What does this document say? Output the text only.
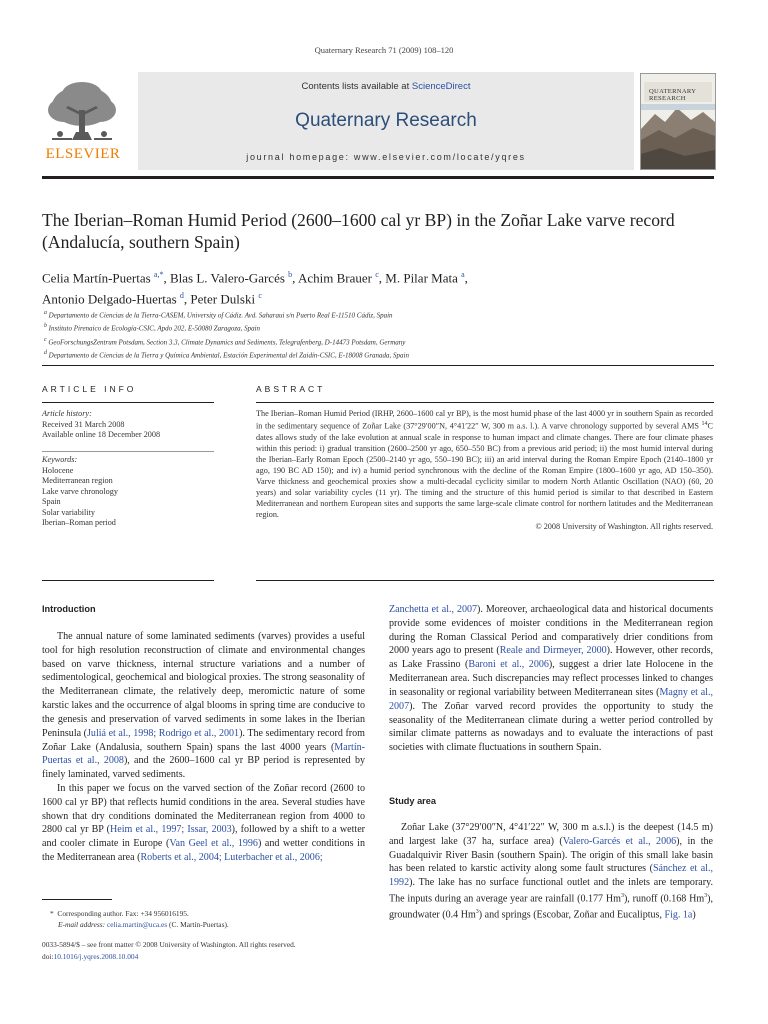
Quaternary Research 71 (2009) 108–120
ELSEVIER
Contents lists available at ScienceDirect
Quaternary Research
journal homepage: www.elsevier.com/locate/yqres
QUATERNARY
RESEARCH
The Iberian–Roman Humid Period (2600–1600 cal yr BP) in the Zoñar Lake varve record (Andalucía, southern Spain)
Celia Martín-Puertas $^{a,*}$, Blas L. Valero-Garcés $^b$, Achim Brauer $^c$, M. Pilar Mata $^a$,
Antonio Delgado-Huertas $^d$, Peter Dulski $^c$
$^a$ Departamento de Ciencias de la Tierra-CASEM, University of Cádiz. Avd. Saharaui s/n Puerto Real E-11510 Cádiz, Spain
$^b$ Instituto Pirenaico de Ecología-CSIC, Apdo 202, E-50080 Zaragoza, Spain
$^c$ GeoForschungsZentrum Potsdam, Section 3.3, Climate Dynamics and Sediments, Telegrafenberg, D-14473 Potsdam, Germany
$^d$ Departamento de Ciencias de la Tierra y Química Ambiental, Estación Experimental del Zaidín-CSIC, E-18008 Granada, Spain
ARTICLE INFO	ABSTRACT
Article history:
Received 31 March 2008
Available online 18 December 2008
Keywords:
Holocene
Mediterranean region
Lake varve chronology
Spain
Solar variability
Iberian–Roman period
The Iberian–Roman Humid Period (IRHP, 2600–1600 cal yr BP), is the most humid phase of the last 4000 yr in southern Spain as recorded in the sedimentary sequence of Zoñar Lake (37°29′00″N, 4°41′22″ W, 300 m a.s. l.). A varve chronology supported by several AMS $^{14}$C dates allows study of the lake evolution at annual scale in response to human impact and climate changes. There are four climate phases within this period: i) gradual transition (2600–2500 yr ago, 650–550 BC) from a previous arid period; ii) the most humid interval during the Iberian–Early Roman Epoch (2500–2140 yr ago, 550–190 BC); iii) an arid interval during the Roman Empire Epoch (2140–1800 yr ago, 190 BC AD 150); and iv) a humid period synchronous with the decline of the Roman Empire (1800–1600 yr ago, AD 150–350). Varve thickness and geochemical proxies show a multi-decadal cyclicity similar to modern North Atlantic Oscillation (NAO) (60, 20 years) and solar variability cycles (11 yr). The timing and the structure of this humid period is similar to that described in Eastern Mediterranean and northern European sites and supports the same large-scale climate control for northern latitudes and the Mediterranean region.
© 2008 University of Washington. All rights reserved.
Introduction

The annual nature of some laminated sediments (varves) provides a useful tool for high resolution reconstruction of climate and environmental changes based on varve thickness, internal structure variations and a number of sedimentological, geochemical and biological proxies. The strong seasonality of the Mediterranean climate, the relatively deep, meromictic nature of some karstic lakes and the occurrence of algal blooms in spring time are conducive to the genesis and preservation of varved sediments in some lakes in the Iberian Peninsula (Juliá et al., 1998; Rodrigo et al., 2001). The sedimentary record from Zoñar Lake (Andalusia, southern Spain) spans the last 4000 years (Martín-Puertas et al., 2008), and the 2600–1600 cal yr BP period is represented by finely laminated, varved sediments.

In this paper we focus on the varved section of the Zoñar record (2600 to 1600 cal yr BP) that reflects humid conditions in the area. Several studies have shown that dry conditions dominated the Mediterranean region from 4000 to 2800 cal yr BP (Heim et al., 1997; Issar, 2003), followed by a shift to a wetter and cooler climate in Europe (Van Geel et al., 1996) and wetter conditions in the Mediterranean area (Roberts et al., 2004; Luterbacher et al., 2006;

Zanchetta et al., 2007). Moreover, archaeological data and historical documents provide some evidences of moister conditions in the Mediterranean region during the Roman Classical Period and comparatively drier conditions from 2000 years ago to present (Reale and Dirmeyer, 2000). However, other records, as Lake Frassino (Baroni et al., 2006), suggest a drier late Holocene in the Mediterranean area. Such discrepancies may reflect processes linked to changes in seasonality or regional variability between Mediterranean sites (Magny et al., 2007). The Zoñar varved record provides the opportunity to study the seasonality of the Mediterranean climate during a wetter period controlled by similar climate patterns as nowadays and to evaluate the interactions of past societies with climate fluctuations in southern Spain.

Study area

Zoñar Lake (37°29′00″N, 4°41′22″ W, 300 m a.s.l.) is the deepest (14.5 m) and largest lake (37 ha, surface area) (Valero-Garcés et al., 2006), in the Guadalquivir River Basin (southern Spain). The origin of this small lake basin has been related to karstic activity along some fault structures (Sánchez et al., 1992). The lake has no surface functional outlet and the inlets are temporary. The inputs during an average year are rainfall (0.177 Hm$^3$), runoff (0.168 Hm$^3$), groundwater (0.4 Hm$^3$) and springs (Escobar, Zoñar and Eucaliptus, Fig. 1a)

* Corresponding author. Fax: +34 956016195.
E-mail address: celia.martin@uca.es (C. Martín-Puertas).
0033-5894/$ – see front matter © 2008 University of Washington. All rights reserved.
doi:10.1016/j.yqres.2008.10.004
